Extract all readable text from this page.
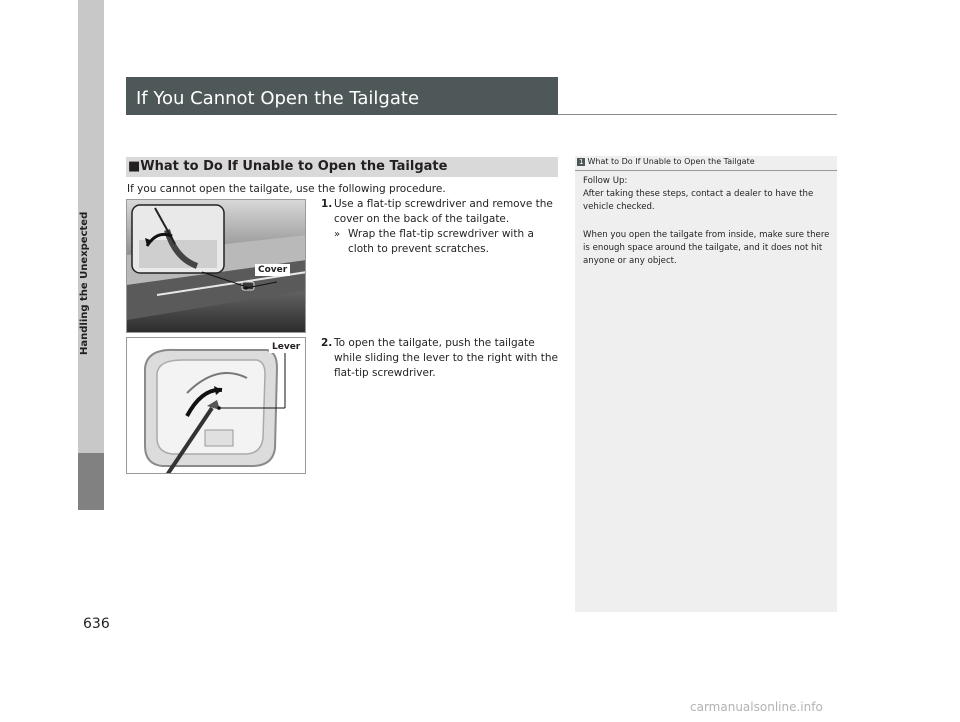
Handling the Unexpected
If You Cannot Open the Tailgate
■What to Do If Unable to Open the Tailgate
If you cannot open the tailgate, use the following procedure.
1. Use a flat-tip screwdriver and remove the cover on the back of the tailgate.
» Wrap the flat-tip screwdriver with a cloth to prevent scratches.
2. To open the tailgate, push the tailgate while sliding the lever to the right with the flat-tip screwdriver.
Cover
Lever
1 What to Do If Unable to Open the Tailgate
Follow Up:
After taking these steps, contact a dealer to have the vehicle checked.
When you open the tailgate from inside, make sure there is enough space around the tailgate, and it does not hit anyone or any object.
636
carmanualsonline.info
